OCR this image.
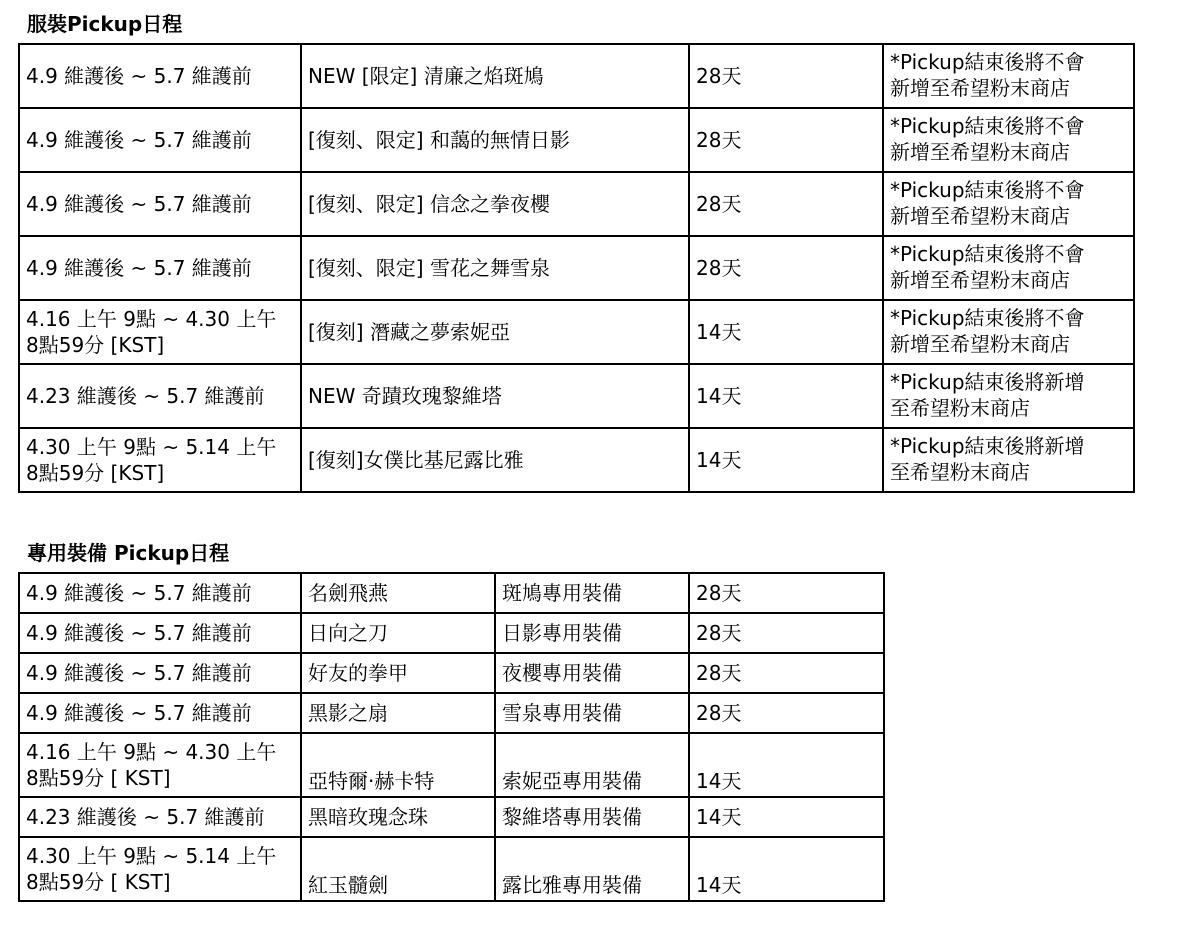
服裝Pickup日程
4.9 維護後 ~ 5.7 維護前	NEW [限定] 清廉之焰斑鳩	28天	*Pickup結束後將不會
新增至希望粉末商店

4.9 維護後 ~ 5.7 維護前	[復刻、限定] 和藹的無情日影	28天	*Pickup結束後將不會
新增至希望粉末商店

4.9 維護後 ~ 5.7 維護前	[復刻、限定] 信念之拳夜櫻	28天	*Pickup結束後將不會
新增至希望粉末商店

4.9 維護後 ~ 5.7 維護前	[復刻、限定] 雪花之舞雪泉	28天	*Pickup結束後將不會
新增至希望粉末商店

4.16 上午 9點 ~ 4.30 上午
8點59分 [KST]	[復刻] 潛藏之夢索妮亞	14天	*Pickup結束後將不會
新增至希望粉末商店

4.23 維護後 ~ 5.7 維護前	NEW 奇蹟玫瑰黎維塔	14天	*Pickup結束後將新增
至希望粉末商店

4.30 上午 9點 ~ 5.14 上午
8點59分 [KST]	[復刻]女僕比基尼露比雅	14天	*Pickup結束後將新增
至希望粉末商店
專用裝備 Pickup日程
4.9 維護後 ~ 5.7 維護前	名劍飛燕	斑鳩專用裝備	28天

4.9 維護後 ~ 5.7 維護前	日向之刀	日影專用裝備	28天

4.9 維護後 ~ 5.7 維護前	好友的拳甲	夜櫻專用裝備	28天

4.9 維護後 ~ 5.7 維護前	黑影之扇	雪泉專用裝備	28天

4.16 上午 9點 ~ 4.30 上午
8點59分 [ KST]	亞特爾·赫卡特	索妮亞專用裝備	14天

4.23 維護後 ~ 5.7 維護前	黑暗玫瑰念珠	黎維塔專用裝備	14天

4.30 上午 9點 ~ 5.14 上午
8點59分 [ KST]	紅玉髓劍	露比雅專用裝備	14天
